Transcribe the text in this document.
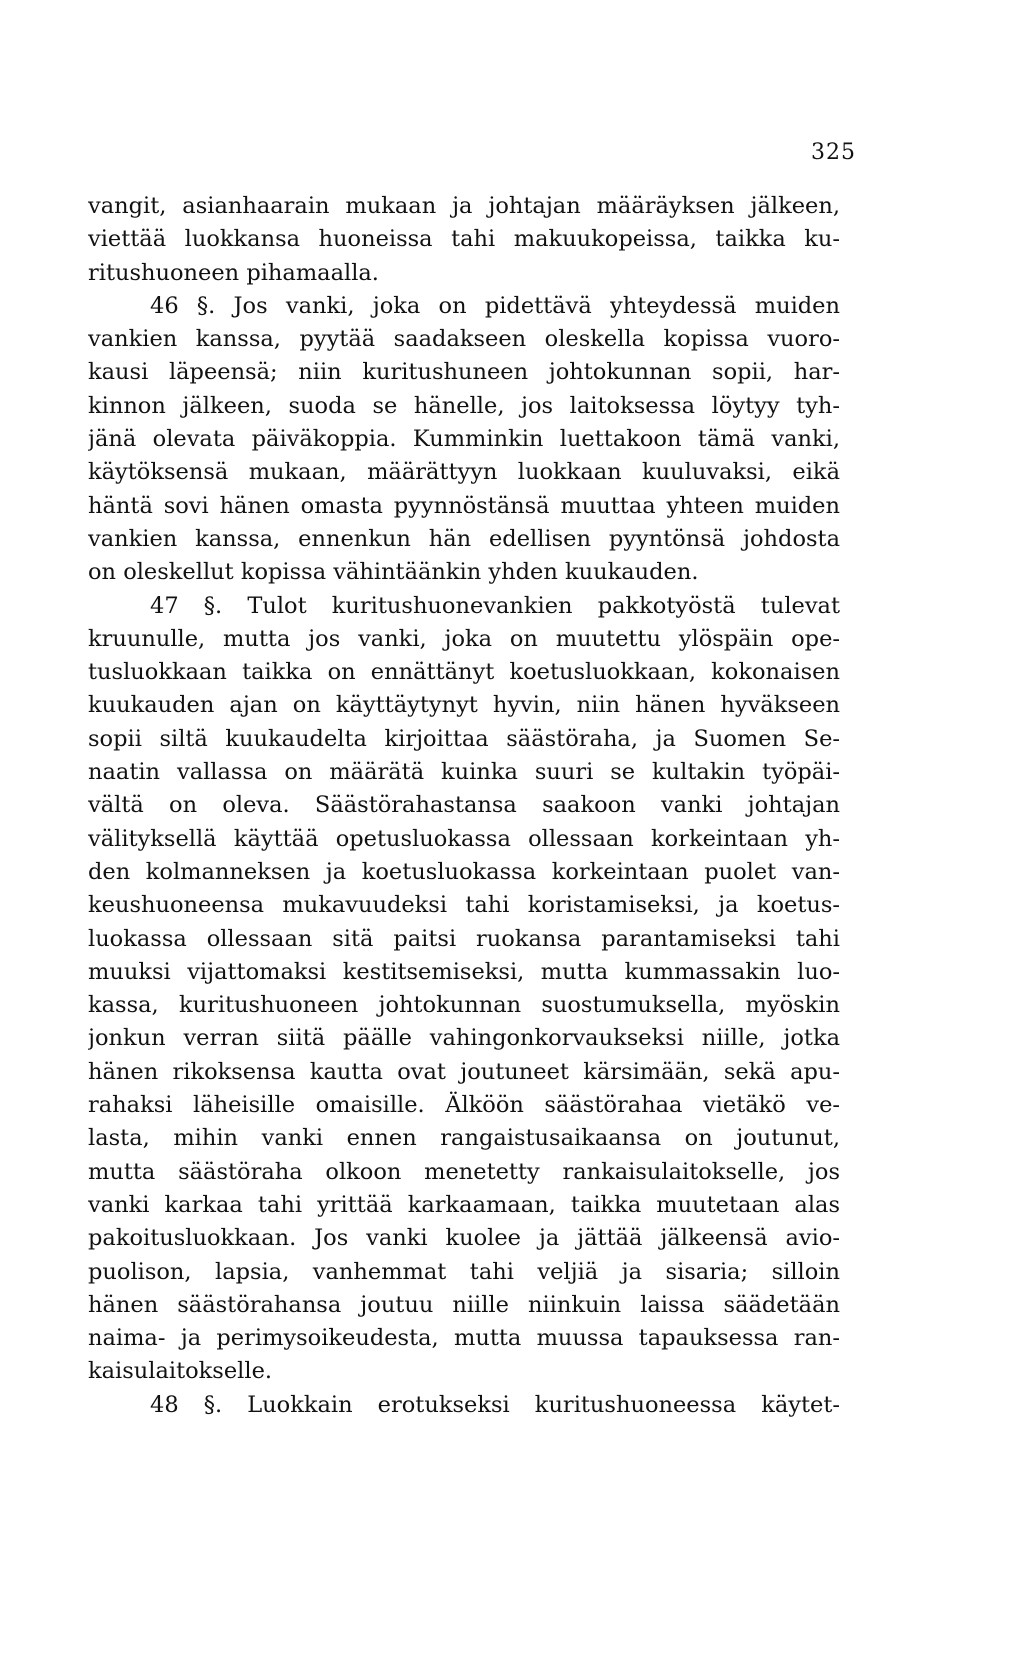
325
vangit, asianhaarain mukaan ja johtajan määräyksen jälkeen,
viettää luokkansa huoneissa tahi makuukopeissa, taikka ku-
ritushuoneen pihamaalla.
46 §. Jos vanki, joka on pidettävä yhteydessä muiden
vankien kanssa, pyytää saadakseen oleskella kopissa vuoro-
kausi läpeensä; niin kuritushuneen johtokunnan sopii, har-
kinnon jälkeen, suoda se hänelle, jos laitoksessa löytyy tyh-
jänä olevata päiväkoppia. Kumminkin luettakoon tämä vanki,
käytöksensä mukaan, määrättyyn luokkaan kuuluvaksi, eikä
häntä sovi hänen omasta pyynnöstänsä muuttaa yhteen muiden
vankien kanssa, ennenkun hän edellisen pyyntönsä johdosta
on oleskellut kopissa vähintäänkin yhden kuukauden.
47 §. Tulot kuritushuonevankien pakkotyöstä tulevat
kruunulle, mutta jos vanki, joka on muutettu ylöspäin ope-
tusluokkaan taikka on ennättänyt koetusluokkaan, kokonaisen
kuukauden ajan on käyttäytynyt hyvin, niin hänen hyväkseen
sopii siltä kuukaudelta kirjoittaa säästöraha, ja Suomen Se-
naatin vallassa on määrätä kuinka suuri se kultakin työpäi-
vältä on oleva. Säästörahastansa saakoon vanki johtajan
välityksellä käyttää opetusluokassa ollessaan korkeintaan yh-
den kolmanneksen ja koetusluokassa korkeintaan puolet van-
keushuoneensa mukavuudeksi tahi koristamiseksi, ja koetus-
luokassa ollessaan sitä paitsi ruokansa parantamiseksi tahi
muuksi vijattomaksi kestitsemiseksi, mutta kummassakin luo-
kassa, kuritushuoneen johtokunnan suostumuksella, myöskin
jonkun verran siitä päälle vahingonkorvaukseksi niille, jotka
hänen rikoksensa kautta ovat joutuneet kärsimään, sekä apu-
rahaksi läheisille omaisille. Älköön säästörahaa vietäkö ve-
lasta, mihin vanki ennen rangaistusaikaansa on joutunut,
mutta säästöraha olkoon menetetty rankaisulaitokselle, jos
vanki karkaa tahi yrittää karkaamaan, taikka muutetaan alas
pakoitusluokkaan. Jos vanki kuolee ja jättää jälkeensä avio-
puolison, lapsia, vanhemmat tahi veljiä ja sisaria; silloin
hänen säästörahansa joutuu niille niinkuin laissa säädetään
naima- ja perimysoikeudesta, mutta muussa tapauksessa ran-
kaisulaitokselle.
48 §. Luokkain erotukseksi kuritushuoneessa käytet-
